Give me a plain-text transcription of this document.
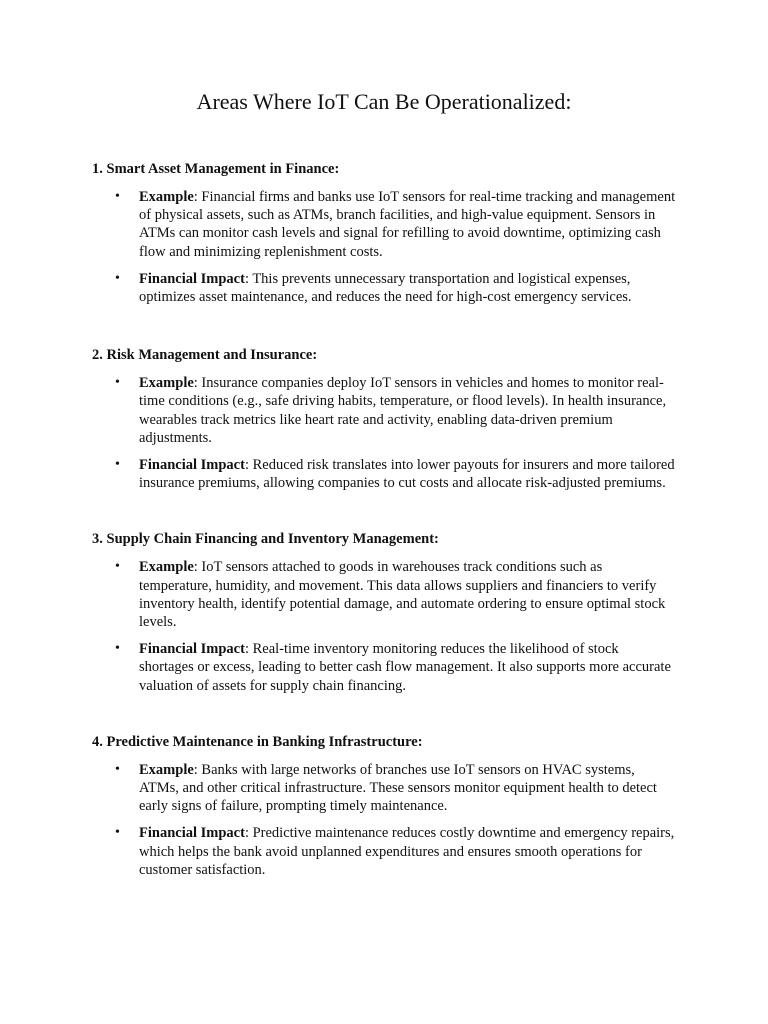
Areas Where IoT Can Be Operationalized:

1. Smart Asset Management in Finance:

• Example: Financial firms and banks use IoT sensors for real-time tracking and management of physical assets, such as ATMs, branch facilities, and high-value equipment. Sensors in ATMs can monitor cash levels and signal for refilling to avoid downtime, optimizing cash flow and minimizing replenishment costs.
• Financial Impact: This prevents unnecessary transportation and logistical expenses, optimizes asset maintenance, and reduces the need for high-cost emergency services.

2. Risk Management and Insurance:

• Example: Insurance companies deploy IoT sensors in vehicles and homes to monitor real-time conditions (e.g., safe driving habits, temperature, or flood levels). In health insurance, wearables track metrics like heart rate and activity, enabling data-driven premium adjustments.
• Financial Impact: Reduced risk translates into lower payouts for insurers and more tailored insurance premiums, allowing companies to cut costs and allocate risk-adjusted premiums.

3. Supply Chain Financing and Inventory Management:

• Example: IoT sensors attached to goods in warehouses track conditions such as temperature, humidity, and movement. This data allows suppliers and financiers to verify inventory health, identify potential damage, and automate ordering to ensure optimal stock levels.
• Financial Impact: Real-time inventory monitoring reduces the likelihood of stock shortages or excess, leading to better cash flow management. It also supports more accurate valuation of assets for supply chain financing.

4. Predictive Maintenance in Banking Infrastructure:

• Example: Banks with large networks of branches use IoT sensors on HVAC systems, ATMs, and other critical infrastructure. These sensors monitor equipment health to detect early signs of failure, prompting timely maintenance.
• Financial Impact: Predictive maintenance reduces costly downtime and emergency repairs, which helps the bank avoid unplanned expenditures and ensures smooth operations for customer satisfaction.
